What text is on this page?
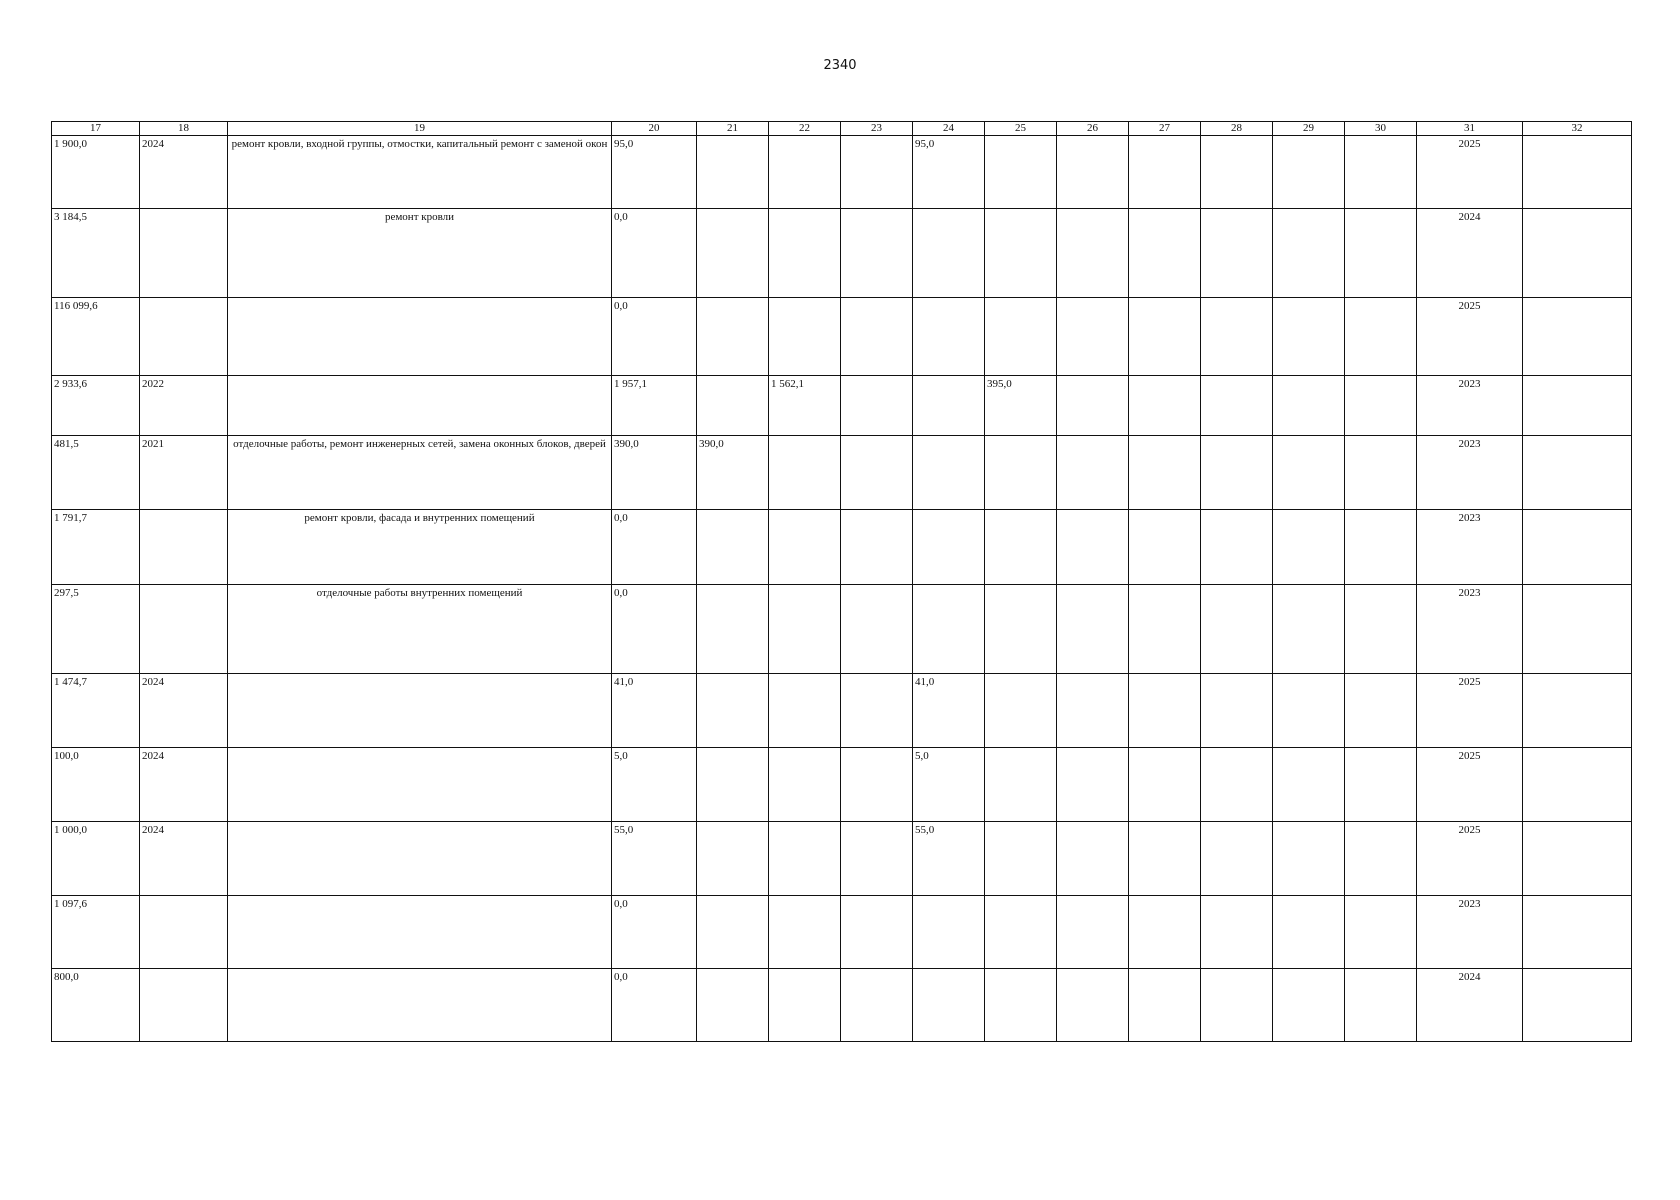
2340
17	18	19	20	21	22	23	24	25	26	27	28	29	30	31	32
1 900,0	2024	ремонт кровли, входной группы, отмостки, капитальный ремонт с заменой окон	95,0				95,0							2025	
3 184,5		ремонт кровли	0,0											2024	
116 099,6			0,0											2025	
2 933,6	2022		1 957,1		1 562,1			395,0						2023	
481,5	2021	отделочные работы, ремонт инженерных сетей, замена оконных блоков, дверей	390,0	390,0										2023	
1 791,7		ремонт кровли, фасада и внутренних помещений	0,0											2023	
297,5		отделочные работы внутренних помещений	0,0											2023	
1 474,7	2024		41,0				41,0							2025	
100,0	2024		5,0				5,0							2025	
1 000,0	2024		55,0				55,0							2025	
1 097,6			0,0											2023	
800,0			0,0											2024	
